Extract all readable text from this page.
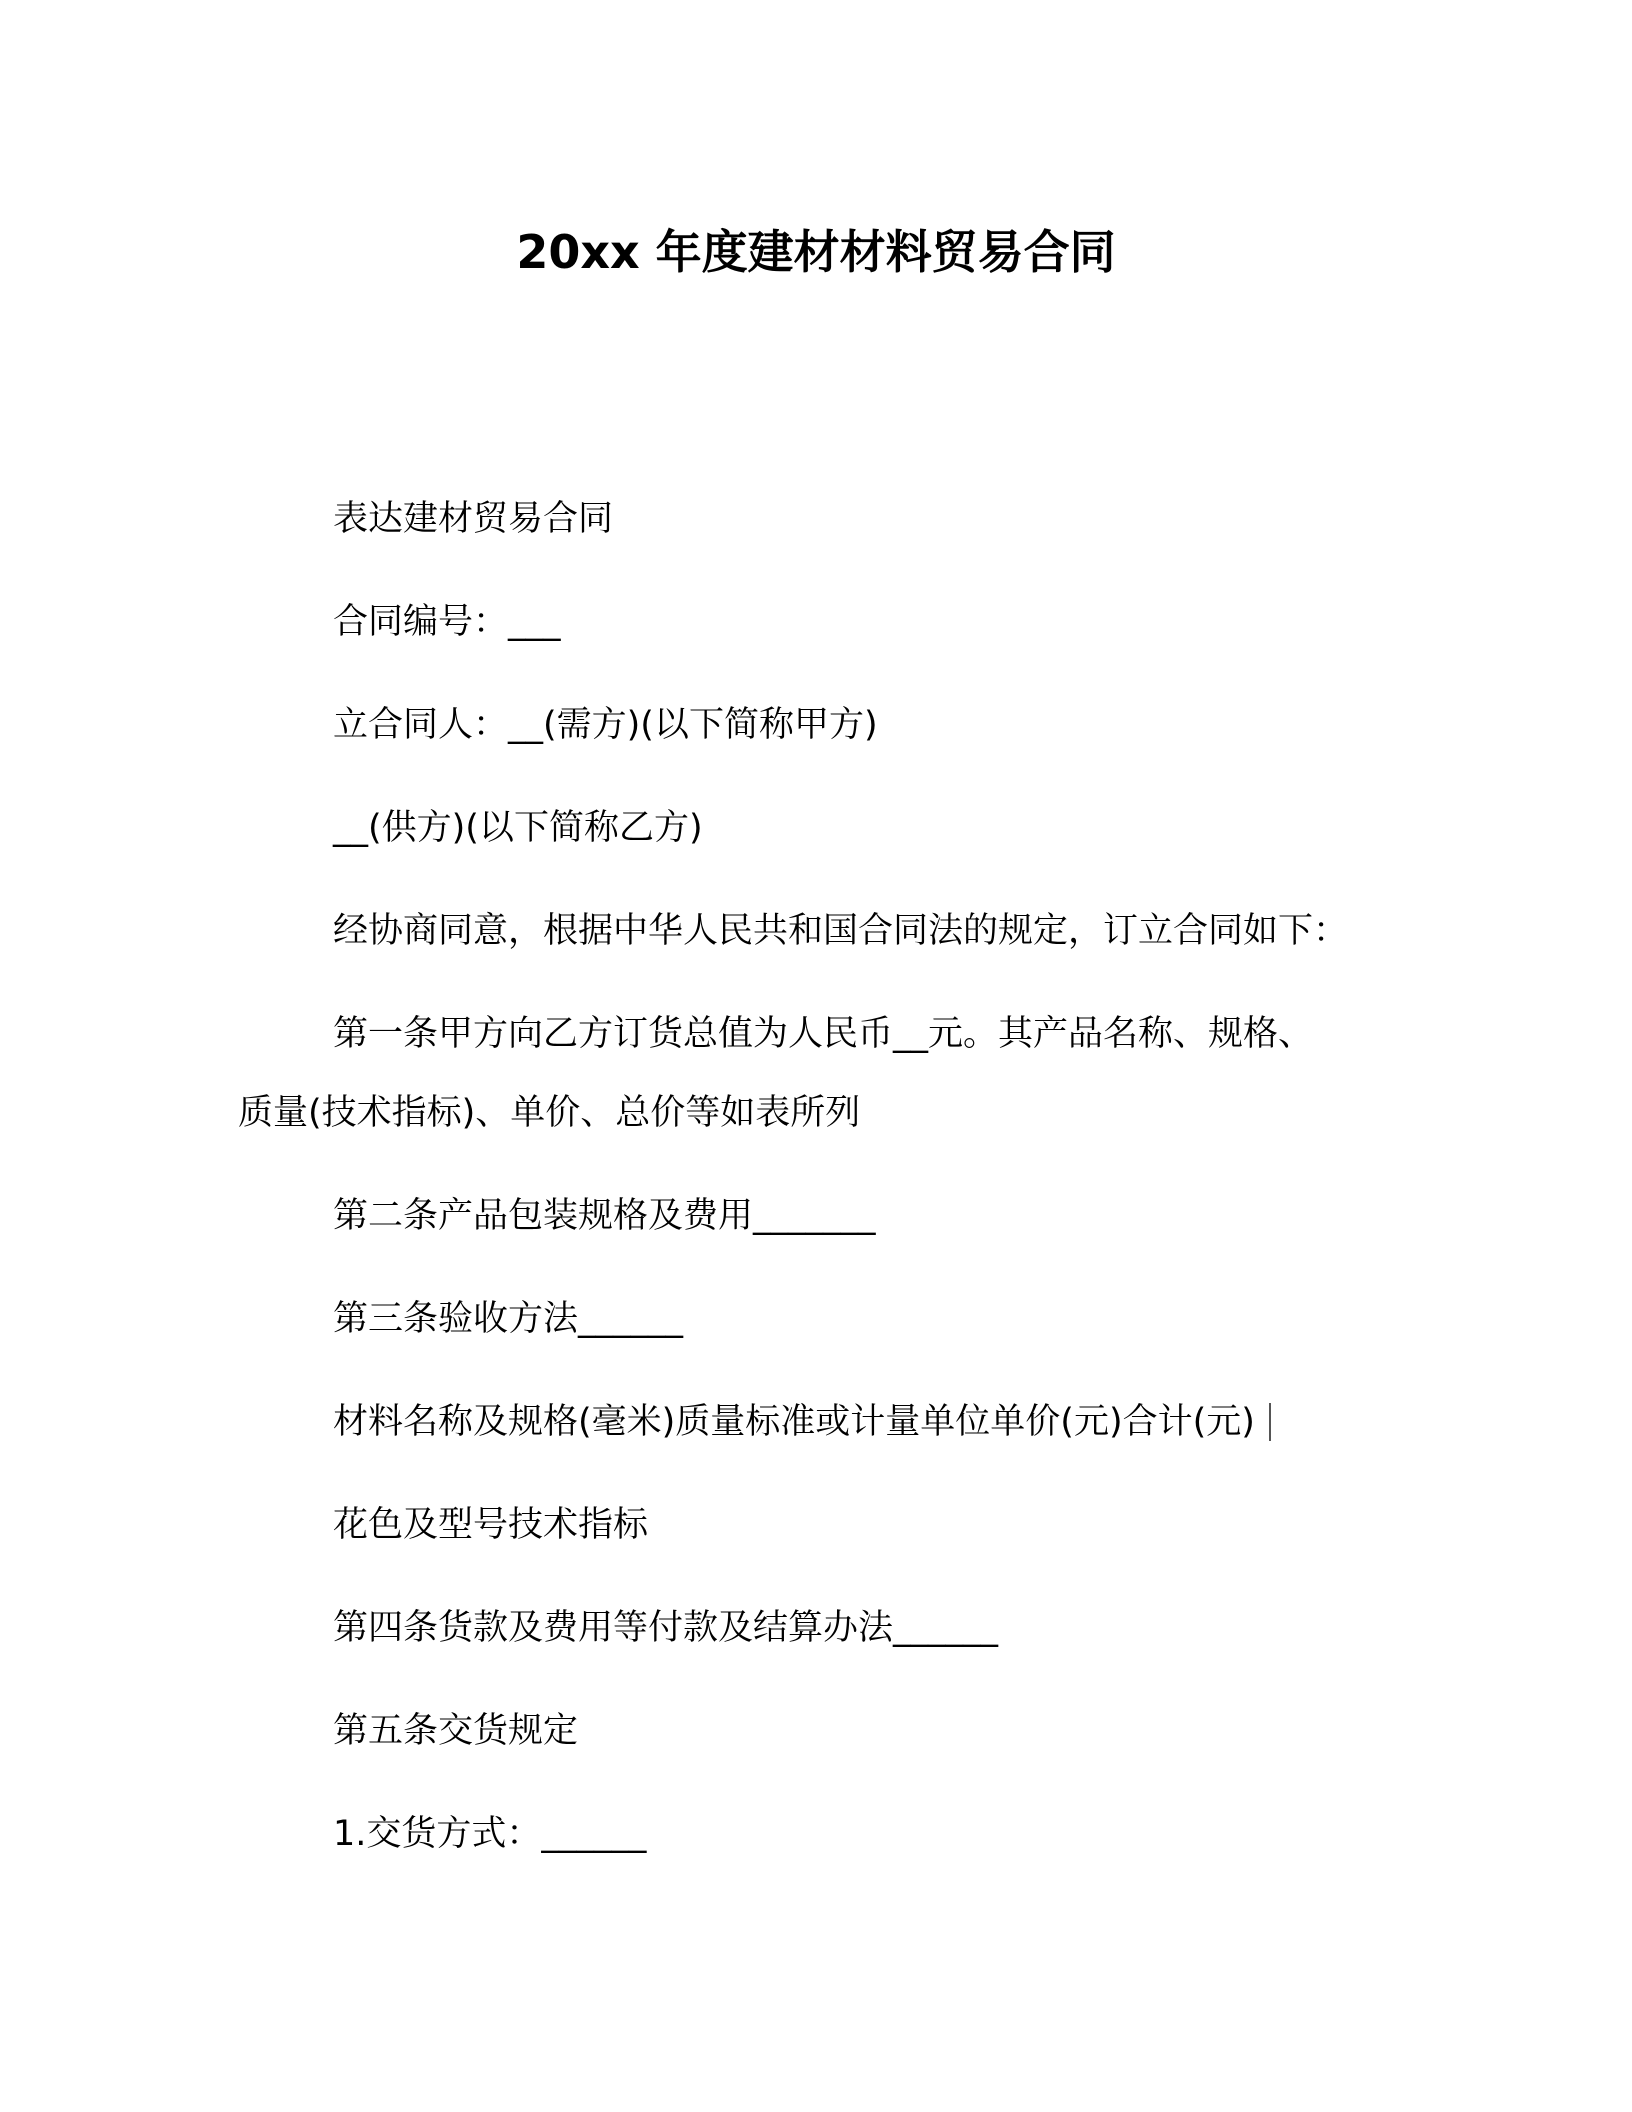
20xx 年度建材材料贸易合同

表达建材贸易合同

合同编号：___

立合同人：__(需方)(以下简称甲方)

__(供方)(以下简称乙方)

经协商同意，根据中华人民共和国合同法的规定，订立合同如下：

第一条甲方向乙方订货总值为人民币__元。其产品名称、规格、

质量(技术指标)、单价、总价等如表所列

第二条产品包装规格及费用_______

第三条验收方法______

材料名称及规格(毫米)质量标准或计量单位单价(元)合计(元)

花色及型号技术指标

第四条货款及费用等付款及结算办法______

第五条交货规定

1.交货方式：______
